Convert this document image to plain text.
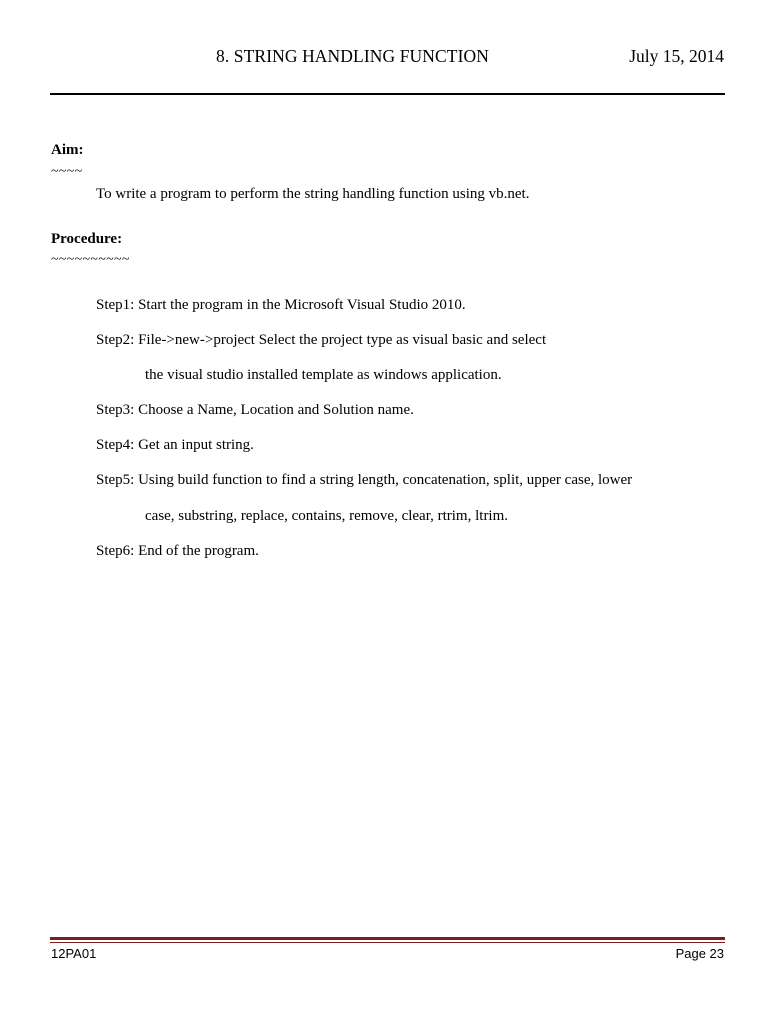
8. STRING HANDLING FUNCTION	July 15, 2014
Aim:
~~~~
To write a program to perform the string handling function using vb.net.
Procedure:
~~~~~~~~~~
Step1: Start the program in the Microsoft Visual Studio 2010.
Step2: File->new->project Select the project type as visual basic and select
the visual studio installed template as windows application.
Step3: Choose a Name, Location and Solution name.
Step4: Get an input string.
Step5: Using build function to find a string length, concatenation, split, upper case, lower
case, substring, replace, contains, remove, clear, rtrim, ltrim.
Step6: End of the program.
12PA01	Page 23
